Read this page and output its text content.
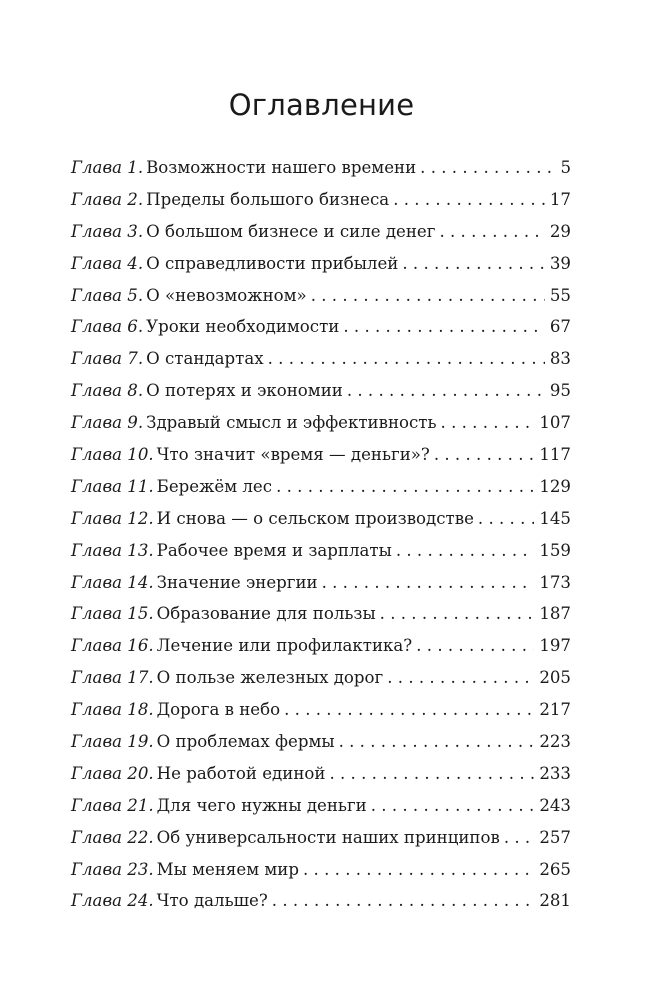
Оглавление
Глава 1. Возможности нашего времени . . .	5
Глава 2. Пределы большого бизнеса . . .	17
Глава 3. О большом бизнесе и силе денег . . .	29
Глава 4. О справедливости прибылей . . .	39
Глава 5. О «невозможном» . . .	55
Глава 6. Уроки необходимости . . .	67
Глава 7. О стандартах . . .	83
Глава 8. О потерях и экономии . . .	95
Глава 9. Здравый смысл и эффективность . . .	107
Глава 10. Что значит «время — деньги»? . . .	117
Глава 11. Бережём лес . . .	129
Глава 12. И снова — о сельском производстве . . .	145
Глава 13. Рабочее время и зарплаты . . .	159
Глава 14. Значение энергии . . .	173
Глава 15. Образование для пользы . . .	187
Глава 16. Лечение или профилактика? . . .	197
Глава 17. О пользе железных дорог . . .	205
Глава 18. Дорога в небо . . .	217
Глава 19. О проблемах фермы . . .	223
Глава 20. Не работой единой . . .	233
Глава 21. Для чего нужны деньги . . .	243
Глава 22. Об универсальности наших принципов . . . 257
Глава 23. Мы меняем мир . . .	265
Глава 24. Что дальше? . . .	281
